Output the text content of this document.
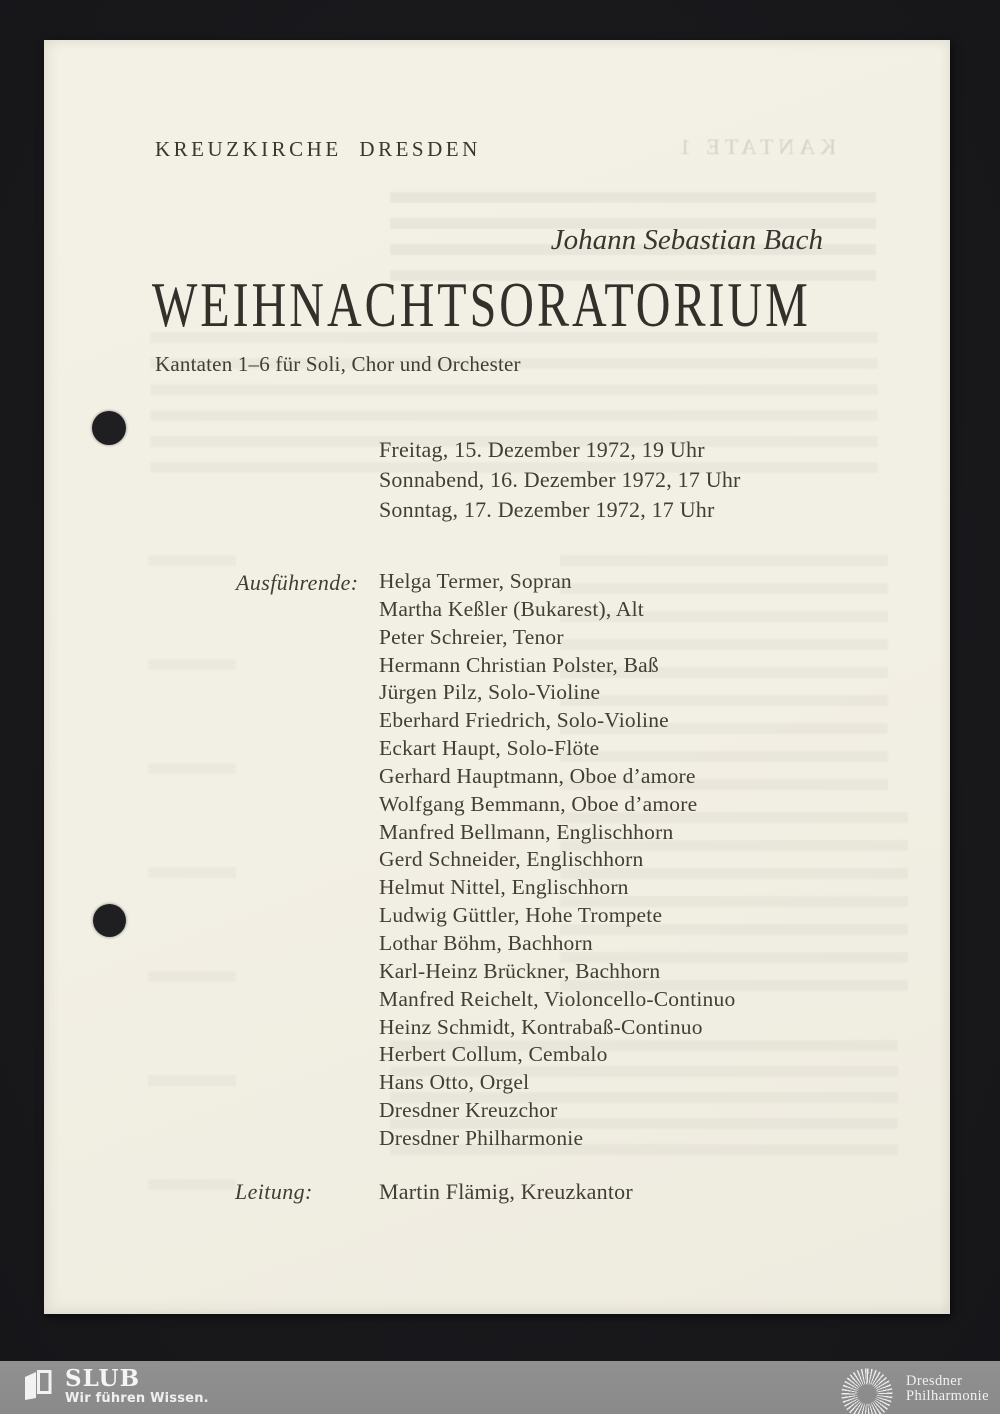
KANTATE 1
KREUZKIRCHE DRESDEN
Johann Sebastian Bach
WEIHNACHTSORATORIUM
Kantaten 1–6 für Soli, Chor und Orchester
Freitag, 15. Dezember 1972, 19 Uhr
Sonnabend, 16. Dezember 1972, 17 Uhr
Sonntag, 17. Dezember 1972, 17 Uhr
Ausführende: Helga Termer, Sopran
Martha Keßler (Bukarest), Alt
Peter Schreier, Tenor
Hermann Christian Polster, Baß
Jürgen Pilz, Solo-Violine
Eberhard Friedrich, Solo-Violine
Eckart Haupt, Solo-Flöte
Gerhard Hauptmann, Oboe d’amore
Wolfgang Bemmann, Oboe d’amore
Manfred Bellmann, Englischhorn
Gerd Schneider, Englischhorn
Helmut Nittel, Englischhorn
Ludwig Güttler, Hohe Trompete
Lothar Böhm, Bachhorn
Karl-Heinz Brückner, Bachhorn
Manfred Reichelt, Violoncello-Continuo
Heinz Schmidt, Kontrabaß-Continuo
Herbert Collum, Cembalo
Hans Otto, Orgel
Dresdner Kreuzchor
Dresdner Philharmonie
Leitung:	Martin Flämig, Kreuzkantor
SLUB
Wir führen Wissen.
Dresdner
Philharmonie
